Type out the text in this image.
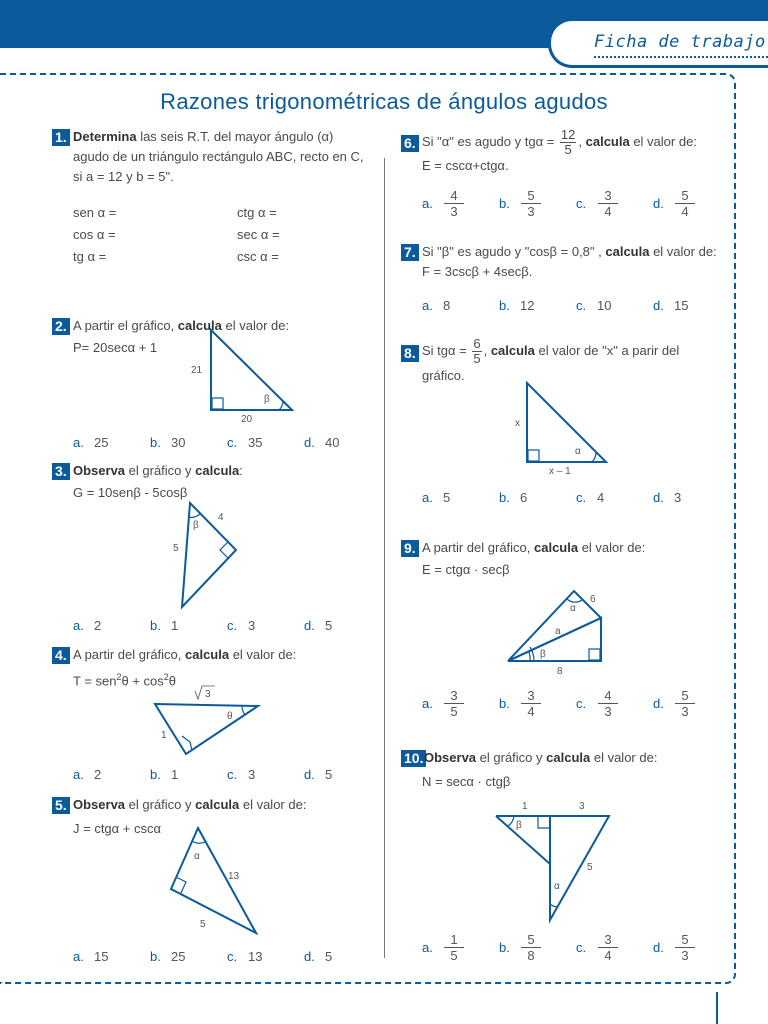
Ficha de trabajo
Razones trigonométricas de ángulos agudos
1. Determina las seis R.T. del mayor ángulo (α) agudo de un triángulo rectángulo ABC, recto en C, si a = 12 y b = 5".
sen α =	ctg α =
cos α =	sec α =
tg α =	csc α =
2. A partir el gráfico, calcula el valor de:
P= 20secα + 1
21
20
β
a. 25	b. 30	c. 35	d. 40
3. Observa el gráfico y calcula:
G = 10senβ - 5cosβ
5
4
β
a. 2	b. 1	c. 3	d. 5
4. A partir del gráfico, calcula el valor de:
$T = sen^2\theta + \cos^2\theta$
3
1
θ
a. 2	b. 1	c. 3	d. 5
5. Observa el gráfico y calcula el valor de:
J = ctgα + cscα
α
13
5
a. 15	b. 25	c. 13	d. 5
6. Si "α" es agudo y $tg\alpha = \frac{12}{5}$ , calcula el valor de:
E = cscα+ctgα.
a. $\frac{4}{3}$	b. $\frac{5}{3}$	c. $\frac{3}{4}$	d. $\frac{5}{4}$
7. Si "β" es agudo y "cosβ = 0,8" , calcula el valor de: F = 3cscβ + 4secβ.
a. 8	b. 12	c. 10	d. 15
8. Si $tg\alpha = \frac{6}{5}$ , calcula el valor de "x" a parir del gráfico.
x
x – 1
α
a. 5	b. 6	c. 4	d. 3
9. A partir del gráfico, calcula el valor de:
E = ctgα · secβ
6
α
a
β
8
a. $\frac{3}{5}$	b. $\frac{3}{4}$	c. $\frac{4}{3}$	d. $\frac{5}{3}$
10. Observa el gráfico y calcula el valor de:
N = secα · ctgβ
1	3
β
5
α
a. $\frac{1}{5}$	b. $\frac{5}{8}$	c. $\frac{3}{4}$	d. $\frac{5}{3}$
